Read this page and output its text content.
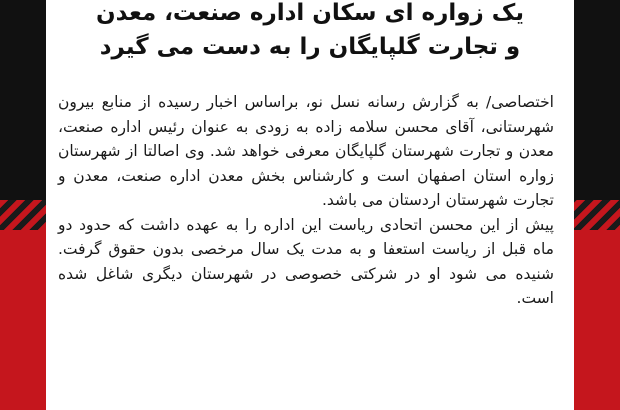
یک زواره ای سکان اداره صنعت، معدن
و تجارت گلپایگان را به دست می گیرد

اختصاصی/ به گزارش رسانه نسل نو، براساس اخبار رسیده از منابع بیرون شهرستانی، آقای محسن سلامه زاده به زودی به عنوان رئیس اداره صنعت، معدن و تجارت شهرستان گلپایگان معرفی خواهد شد. وی اصالتا از شهرستان زواره استان اصفهان است و کارشناس بخش معدن اداره صنعت، معدن و تجارت شهرستان اردستان می باشد.

پیش از این محسن اتحادی ریاست این اداره را به عهده داشت که حدود دو ماه قبل از ریاست استعفا و به مدت یک سال مرخصی بدون حقوق گرفت. شنیده می شود او در شرکتی خصوصی در شهرستان دیگری شاغل شده است.
